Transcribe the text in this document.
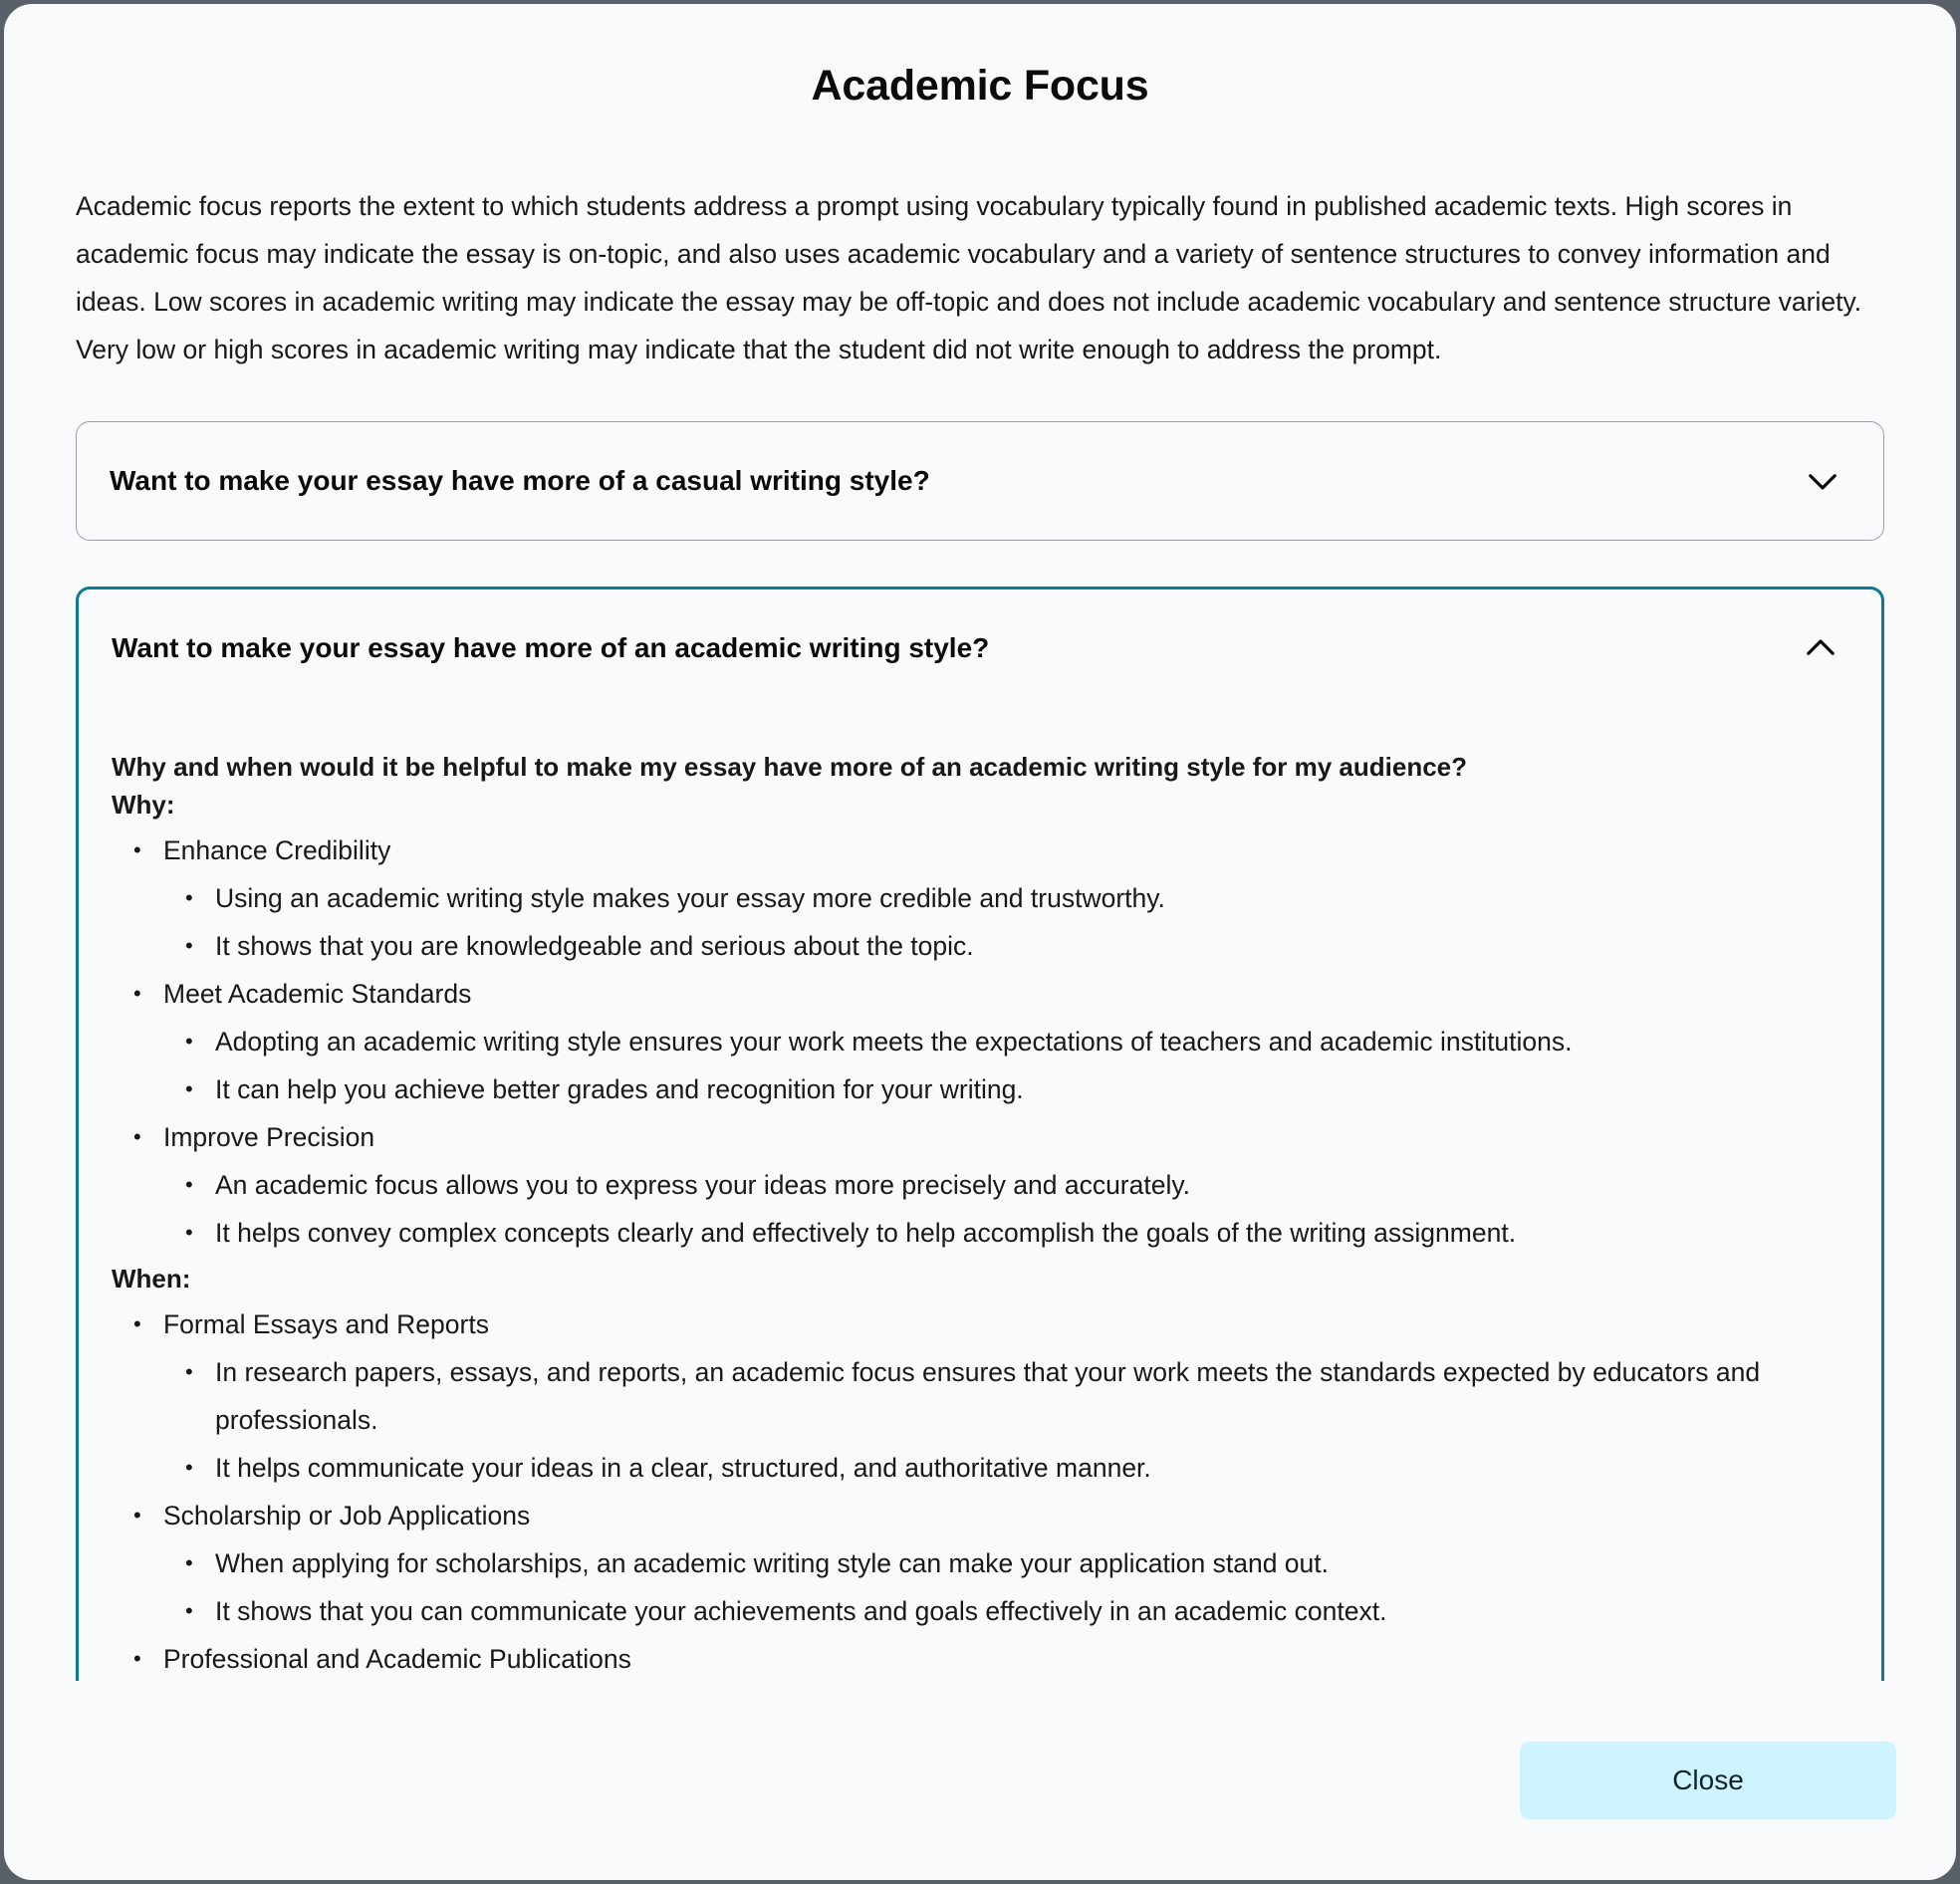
Academic Focus

Academic focus reports the extent to which students address a prompt using vocabulary typically found in published academic texts. High scores in academic focus may indicate the essay is on-topic, and also uses academic vocabulary and a variety of sentence structures to convey information and ideas. Low scores in academic writing may indicate the essay may be off-topic and does not include academic vocabulary and sentence structure variety. Very low or high scores in academic writing may indicate that the student did not write enough to address the prompt.

Want to make your essay have more of a casual writing style?
Want to make your essay have more of an academic writing style?
Why and when would it be helpful to make my essay have more of an academic writing style for my audience?
Why:
• Enhance Credibility
• Using an academic writing style makes your essay more credible and trustworthy.
• It shows that you are knowledgeable and serious about the topic.
• Meet Academic Standards
• Adopting an academic writing style ensures your work meets the expectations of teachers and academic institutions.
• It can help you achieve better grades and recognition for your writing.
• Improve Precision
• An academic focus allows you to express your ideas more precisely and accurately.
• It helps convey complex concepts clearly and effectively to help accomplish the goals of the writing assignment.
When:
• Formal Essays and Reports
• In research papers, essays, and reports, an academic focus ensures that your work meets the standards expected by educators and professionals.
• It helps communicate your ideas in a clear, structured, and authoritative manner.
• Scholarship or Job Applications
• When applying for scholarships, an academic writing style can make your application stand out.
• It shows that you can communicate your achievements and goals effectively in an academic context.
• Professional and Academic Publications
Close
